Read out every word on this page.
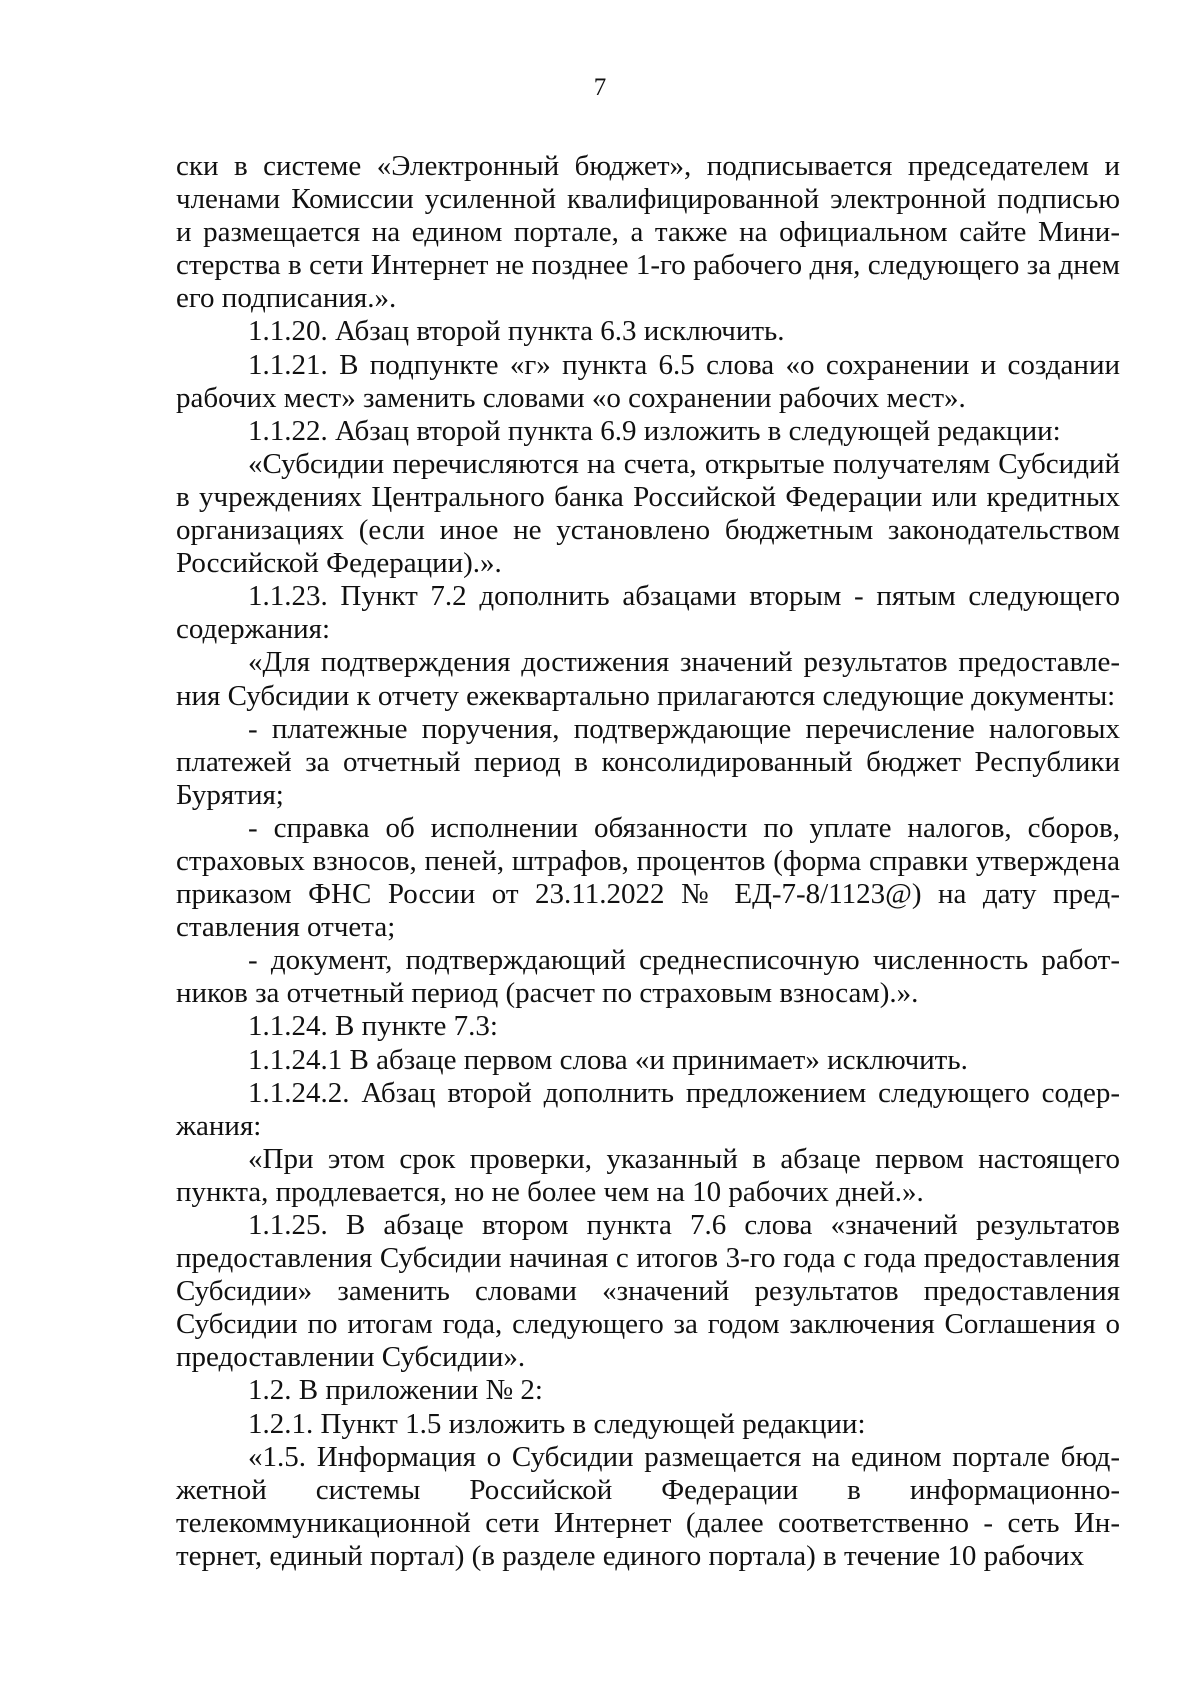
7

ски в системе «Электронный бюджет», подписывается председателем и членами Комиссии усиленной квалифицированной электронной подписью и размещается на едином портале, а также на официальном сайте Министерства в сети Интернет не позднее 1-го рабочего дня, следующего за днем его подписания.».

1.1.20. Абзац второй пункта 6.3 исключить.

1.1.21. В подпункте «г» пункта 6.5 слова «о сохранении и создании рабочих мест» заменить словами «о сохранении рабочих мест».

1.1.22. Абзац второй пункта 6.9 изложить в следующей редакции:

«Субсидии перечисляются на счета, открытые получателям Субсидий в учреждениях Центрального банка Российской Федерации или кредитных организациях (если иное не установлено бюджетным законодательством Российской Федерации).».

1.1.23. Пункт 7.2 дополнить абзацами вторым - пятым следующего содержания:

«Для подтверждения достижения значений результатов предоставления Субсидии к отчету ежеквартально прилагаются следующие документы:

- платежные поручения, подтверждающие перечисление налоговых платежей за отчетный период в консолидированный бюджет Республики Бурятия;

- справка об исполнении обязанности по уплате налогов, сборов, страховых взносов, пеней, штрафов, процентов (форма справки утверждена приказом ФНС России от 23.11.2022 № ЕД-7-8/1123@) на дату представления отчета;

- документ, подтверждающий среднесписочную численность работников за отчетный период (расчет по страховым взносам).».

1.1.24. В пункте 7.3:

1.1.24.1 В абзаце первом слова «и принимает» исключить.

1.1.24.2. Абзац второй дополнить предложением следующего содержания:

«При этом срок проверки, указанный в абзаце первом настоящего пункта, продлевается, но не более чем на 10 рабочих дней.».

1.1.25. В абзаце втором пункта 7.6 слова «значений результатов предоставления Субсидии начиная с итогов 3-го года с года предоставления Субсидии» заменить словами «значений результатов предоставления Субсидии по итогам года, следующего за годом заключения Соглашения о предоставлении Субсидии».

1.2. В приложении № 2:

1.2.1. Пункт 1.5 изложить в следующей редакции:

«1.5. Информация о Субсидии размещается на едином портале бюджетной системы Российской Федерации в информационно-телекоммуникационной сети Интернет (далее соответственно - сеть Интернет, единый портал) (в разделе единого портала) в течение 10 рабочих
